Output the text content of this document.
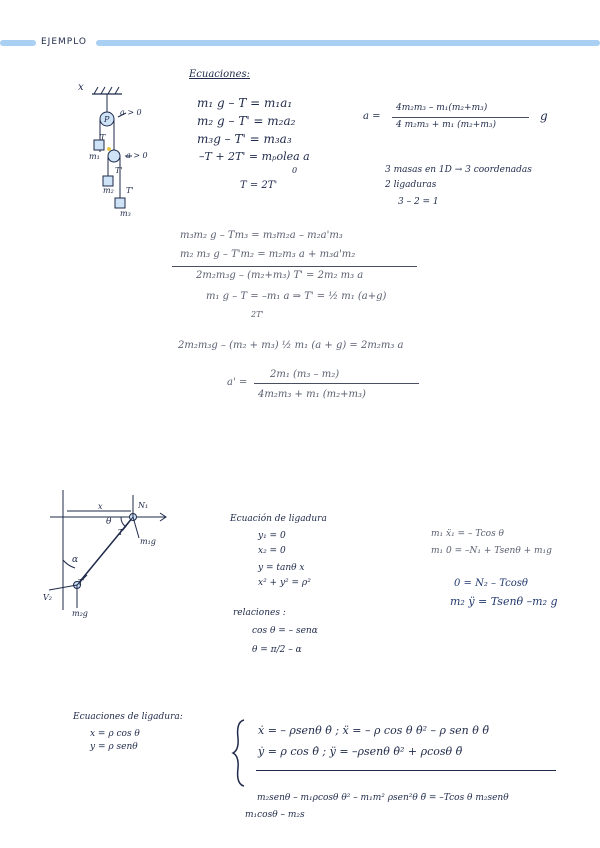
EJEMPLO
x
a > 0
a > 0
P
m₁
m₂
m₃
T
T'
T'
Ecuaciones:
m₁ g – T = m₁a₁
m₂ g – T' = m₂a₂
m₃g – T' = m₃a₃
–T + 2T' = mₚolea a
0
T = 2T'
a =
4m₂m₃ – m₁(m₂+m₃)
4 m₂m₃ + m₁ (m₂+m₃)
g
3 masas en 1D → 3 coordenadas
2 ligaduras
3 – 2 = 1
m₃m₂ g – Tm₃ = m₃m₂a – m₂a'm₃
m₂ m₃ g – T'm₂ = m₂m₃ a + m₃a'm₂
2m₂m₃g – (m₂+m₃) T' = 2m₂ m₃ a
m₁ g – T = –m₁ a ⇒ T' = ½ m₁ (a+g)
2T'
2m₂m₃g – (m₂ + m₃) ½ m₁ (a + g) = 2m₂m₃ a
a' =
2m₁ (m₃ – m₂)
4m₂m₃ + m₁ (m₂+m₃)
x	N₁
θ
T
m₁g
α
T
V₂
m₂g
Ecuación de ligadura
y₁ = 0
x₂ = 0
y = tanθ x
x² + y² = ρ²
relaciones :
cos θ = – senα
θ = π/2 – α
m₁ ẍ₁ = – Tcos θ
m₁ 0 = –N₁ + Tsenθ + m₁g
0 = N₂ – Tcosθ
m₂ ÿ = Tsenθ –m₂ g
Ecuaciones de ligadura:
x = ρ cos θ
y = ρ senθ
ẋ = – ρsenθ θ̇ ; ẍ = – ρ cos θ θ̇² – ρ sen θ θ̈
ẏ = ρ cos θ̇ ; ÿ = –ρsenθ θ̇² + ρcosθ θ̈
m₂senθ – m₁ρcosθ θ² – m₁m² ρsen²θ θ̈ = –Tcos θ m₂senθ
m₁cosθ – m₂s
